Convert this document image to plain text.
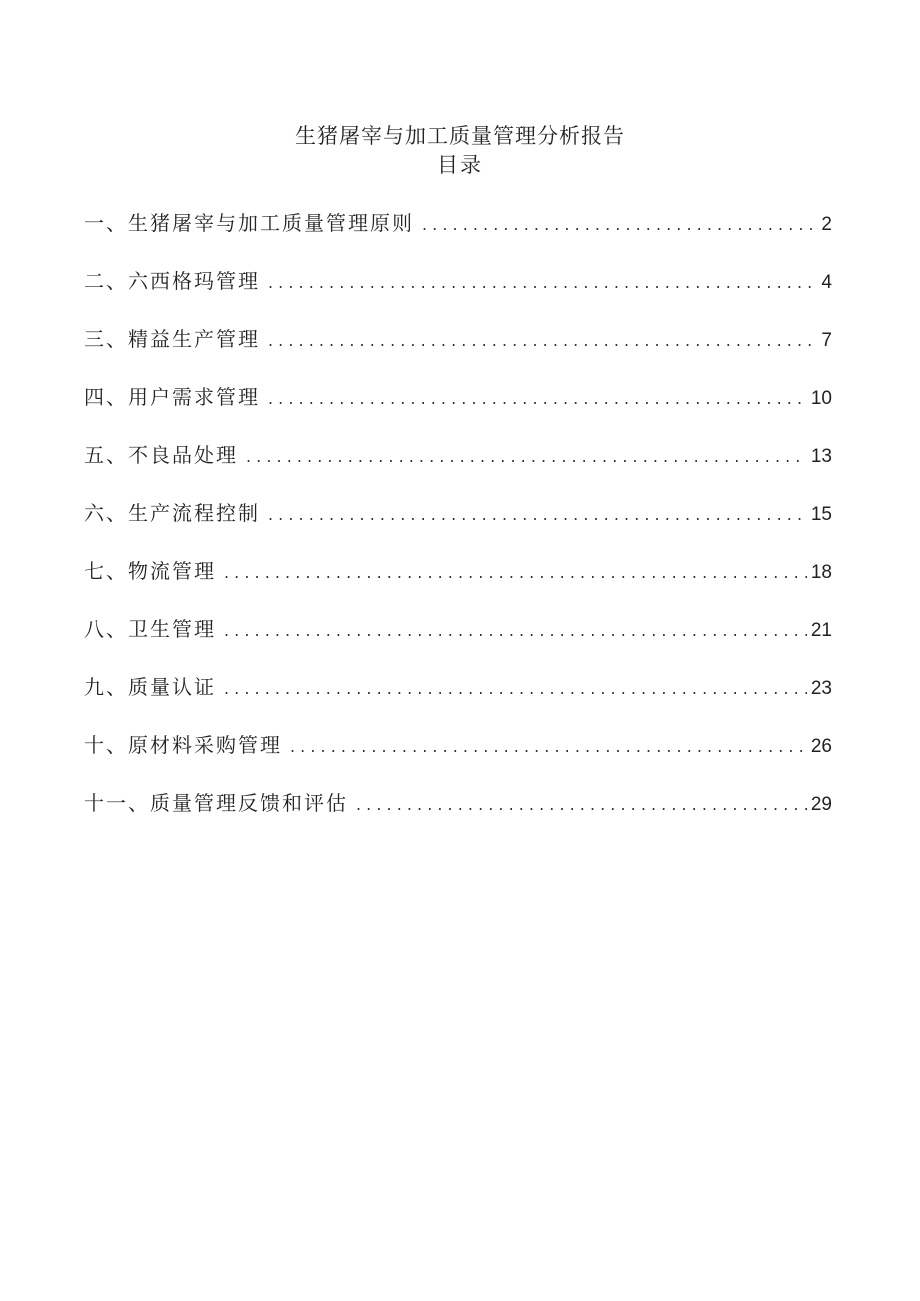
生猪屠宰与加工质量管理分析报告
目录
一、生猪屠宰与加工质量管理原则 . . .	2
二、六西格玛管理 . . .	4
三、精益生产管理 . . .	7
四、用户需求管理 . . .	10
五、不良品处理 . . .	13
六、生产流程控制 . . .	15
七、物流管理 . . .	18
八、卫生管理 . . .	21
九、质量认证 . . .	23
十、原材料采购管理 . . .	26
十一、质量管理反馈和评估 . . .	29
